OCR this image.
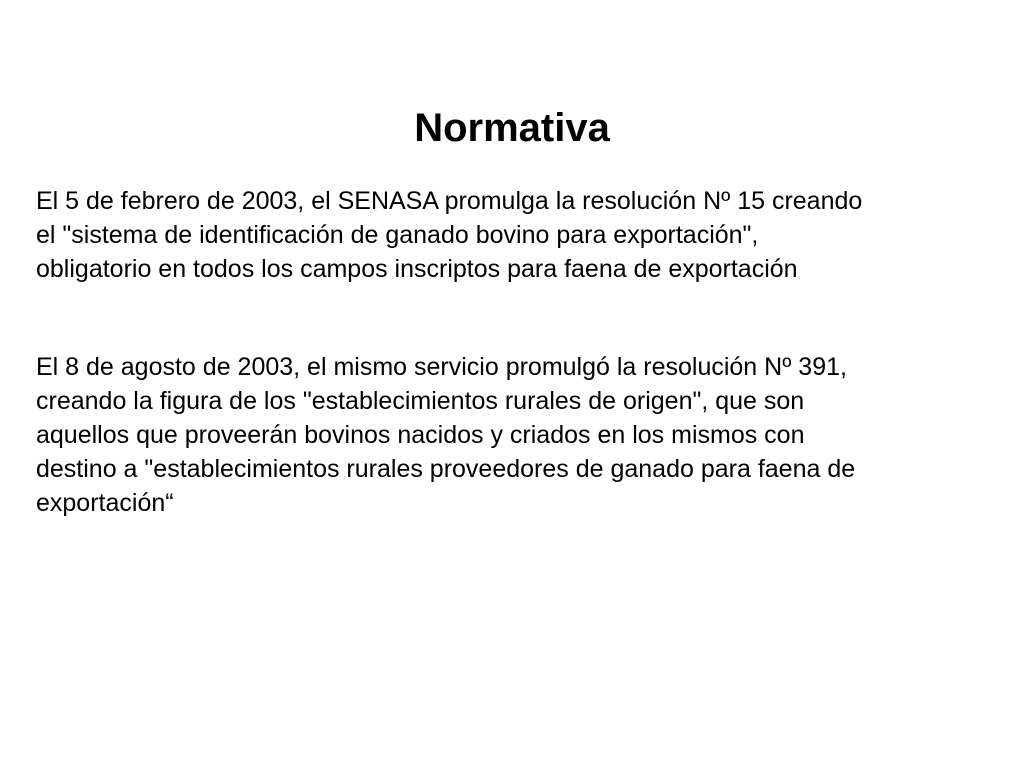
Normativa

El 5 de febrero de 2003, el SENASA promulga la resolución Nº 15 creando
el "sistema de identificación de ganado bovino para exportación",
obligatorio en todos los campos inscriptos para faena de exportación

El 8 de agosto de 2003, el mismo servicio promulgó la resolución Nº 391,
creando la figura de los "establecimientos rurales de origen", que son
aquellos que proveerán bovinos nacidos y criados en los mismos con
destino a "establecimientos rurales proveedores de ganado para faena de
exportación“
